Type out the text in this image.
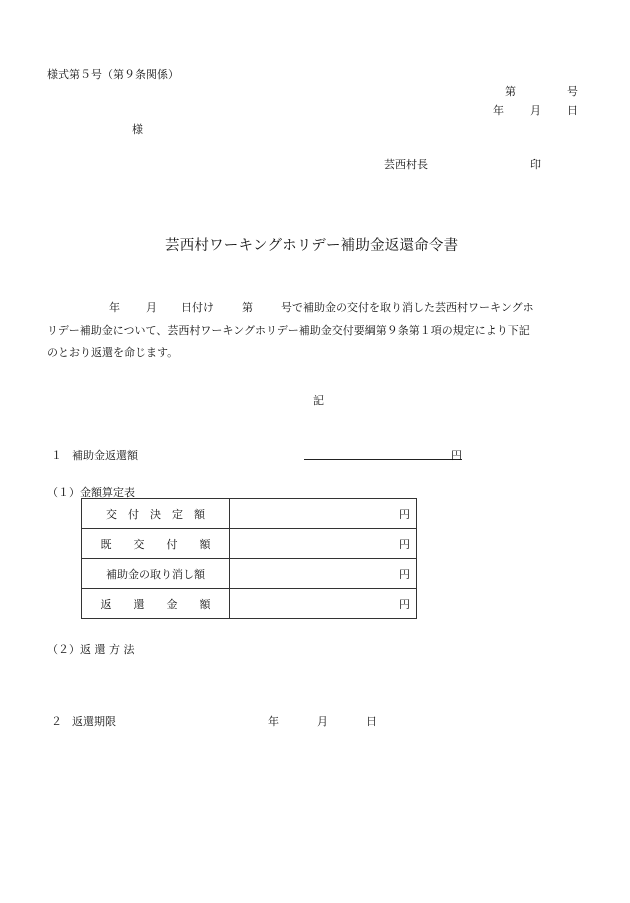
様式第５号（第９条関係）
第	号
年 月 日
様
芸西村長	印
芸西村ワーキングホリデー補助金返還命令書
年 月 日付け	第	号で補助金の交付を取り消した芸西村ワーキングホ
リデー補助金について、芸西村ワーキングホリデー補助金交付要綱第９条第１項の規定により下記
のとおり返還を命じます。
記
１ 補助金返還額	円
（１）金額算定表
交　付　決　定　額	円
既　　交　　付　　額	円
補助金の取り消し額	円
返　　還　　金　　額	円
（２）返 還 方 法
２ 返還期限	年	月	日
